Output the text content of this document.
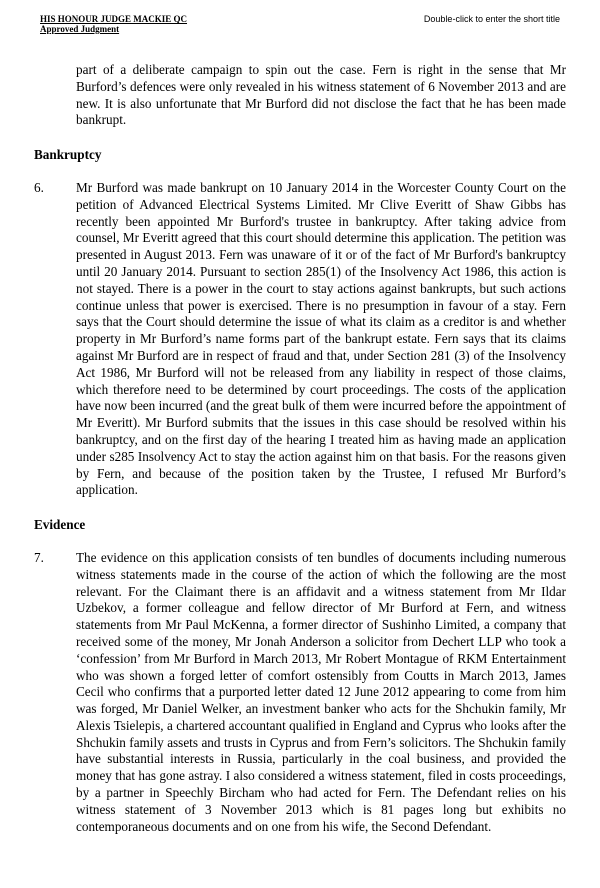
HIS HONOUR JUDGE MACKIE QC
Approved Judgment
Double-click to enter the short title

part of a deliberate campaign to spin out the case. Fern is right in the sense that Mr Burford’s defences were only revealed in his witness statement of 6 November 2013 and are new. It is also unfortunate that Mr Burford did not disclose the fact that he has been made bankrupt.

Bankruptcy
6. Mr Burford was made bankrupt on 10 January 2014 in the Worcester County Court on the petition of Advanced Electrical Systems Limited. Mr Clive Everitt of Shaw Gibbs has recently been appointed Mr Burford's trustee in bankruptcy. After taking advice from counsel, Mr Everitt agreed that this court should determine this application. The petition was presented in August 2013. Fern was unaware of it or of the fact of Mr Burford's bankruptcy until 20 January 2014. Pursuant to section 285(1) of the Insolvency Act 1986, this action is not stayed. There is a power in the court to stay actions against bankrupts, but such actions continue unless that power is exercised. There is no presumption in favour of a stay. Fern says that the Court should determine the issue of what its claim as a creditor is and whether property in Mr Burford’s name forms part of the bankrupt estate. Fern says that its claims against Mr Burford are in respect of fraud and that, under Section 281 (3) of the Insolvency Act 1986, Mr Burford will not be released from any liability in respect of those claims, which therefore need to be determined by court proceedings. The costs of the application have now been incurred (and the great bulk of them were incurred before the appointment of Mr Everitt). Mr Burford submits that the issues in this case should be resolved within his bankruptcy, and on the first day of the hearing I treated him as having made an application under s285 Insolvency Act to stay the action against him on that basis. For the reasons given by Fern, and because of the position taken by the Trustee, I refused Mr Burford’s application.
Evidence
7. The evidence on this application consists of ten bundles of documents including numerous witness statements made in the course of the action of which the following are the most relevant. For the Claimant there is an affidavit and a witness statement from Mr Ildar Uzbekov, a former colleague and fellow director of Mr Burford at Fern, and witness statements from Mr Paul McKenna, a former director of Sushinho Limited, a company that received some of the money, Mr Jonah Anderson a solicitor from Dechert LLP who took a ‘confession’ from Mr Burford in March 2013, Mr Robert Montague of RKM Entertainment who was shown a forged letter of comfort ostensibly from Coutts in March 2013, James Cecil who confirms that a purported letter dated 12 June 2012 appearing to come from him was forged, Mr Daniel Welker, an investment banker who acts for the Shchukin family, Mr Alexis Tsielepis, a chartered accountant qualified in England and Cyprus who looks after the Shchukin family assets and trusts in Cyprus and from Fern’s solicitors. The Shchukin family have substantial interests in Russia, particularly in the coal business, and provided the money that has gone astray. I also considered a witness statement, filed in costs proceedings, by a partner in Speechly Bircham who had acted for Fern. The Defendant relies on his witness statement of 3 November 2013 which is 81 pages long but exhibits no contemporaneous documents and on one from his wife, the Second Defendant.
